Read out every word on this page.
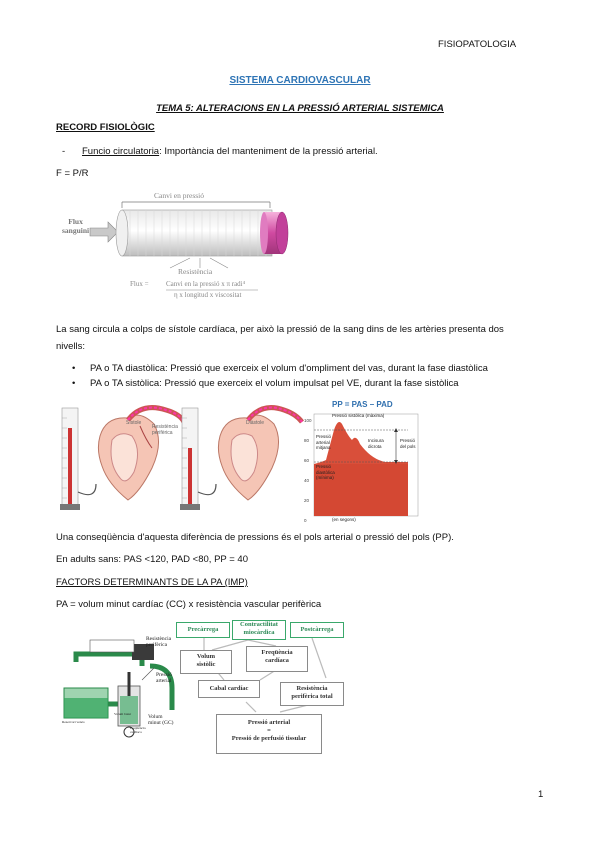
FISIOPATOLOGIA
SISTEMA CARDIOVASCULAR
TEMA 5: ALTERACIONS EN LA PRESSIÓ ARTERIAL SISTEMICA
RECORD FISIOLÒGIC
- Funcio circulatoria: Importància del manteniment de la pressió arterial.
F = P/R
Canvi en pressió
Flux
sanguini
Resistència
Flux = Canvi en la pressió x π radi⁴
η x longitud x viscositat
La sang circula a colps de sístole cardíaca, per això la pressió de la sang dins de les artèries presenta dos
nivells:
• PA o TA diastòlica: Pressió que exerceix el volum d'ompliment del vas, durant la fase diastòlica
• PA o TA sistòlica: Pressió que exerceix el volum impulsat pel VE, durant la fase sistòlica
Sístole
Resistència perifèrica
Diàstole
PP = PAS – PAD
100
80
60
40
20
0
Pressió sistòlica (màxima)
Pressió
arterial
mitjana
Incisura
dicrota
Pressió
del pols
Pressió
diastòlica
(mínima)
(en segons)
Una conseqüència d'aquesta diferència de pressions és el pols arterial o pressió del pols (PP).
En adults sans: PAS <120, PAD <80, PP = 40
FACTORS DETERMINANTS DE LA PA (IMP)
PA = volum minut cardíac (CC) x resistència vascular perifèrica
Resistència
perifèrica
Pressió
arterial
Reservori venós
Volum batut	Volum
minut (GC)
Freqüència
cardíaca
Precàrrega
Contractilitat
miocàrdica	Postcàrrega
Volum
sistòlic
Freqüència
cardíaca
Cabal cardíac	Resistència
perifèrica total
Pressió arterial
=
Pressió de perfusió tissular
1
